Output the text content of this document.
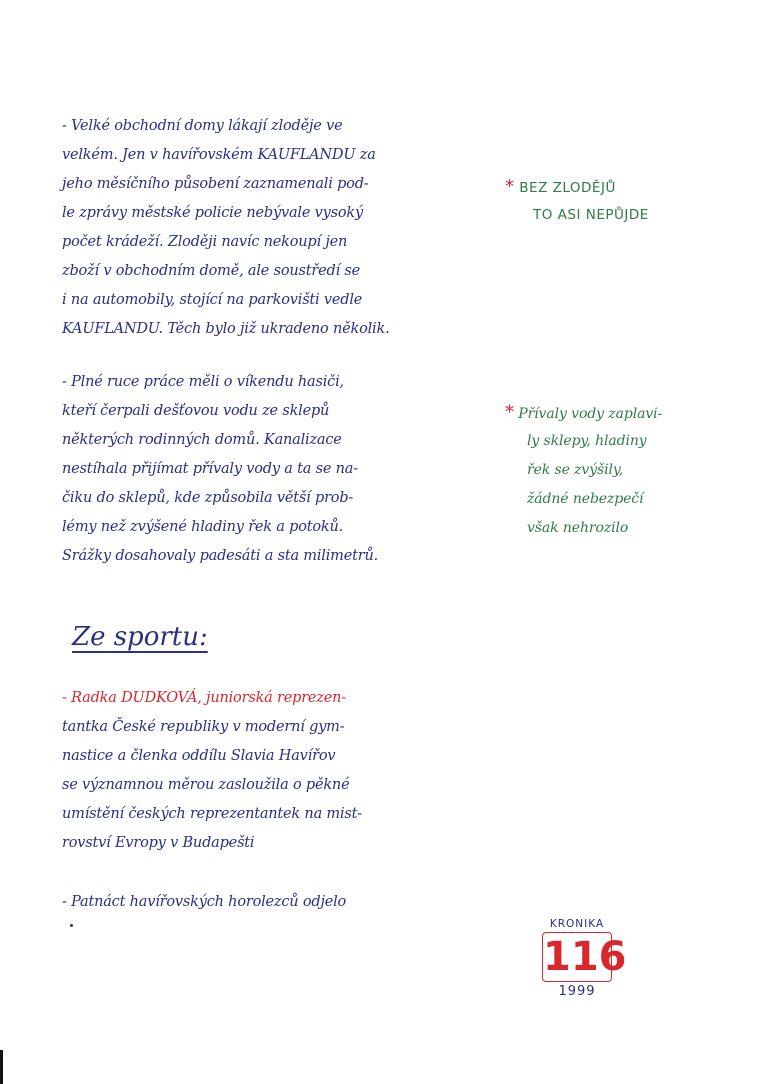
- Velké obchodní domy lákají zloděje ve
velkém. Jen v havířovském KAUFLANDU za
jeho měsíčního působení zaznamenali pod-
le zprávy městské policie nebývale vysoký
počet krádeží. Zloději navíc nekoupí jen
zboží v obchodním domě, ale soustředí se
i na automobily, stojící na parkovišti vedle
KAUFLANDU. Těch bylo již ukradeno několik.
* BEZ ZLODĚJŮ
TO ASI NEPŮJDE
- Plné ruce práce měli o víkendu hasiči,
kteří čerpali dešťovou vodu ze sklepů
některých rodinných domů. Kanalizace
nestíhala přijímat přívaly vody a ta se na-
čiku do sklepů, kde způsobila větší prob-
lémy než zvýšené hladiny řek a potoků.
Srážky dosahovaly padesáti a sta milimetrů.
* Přívaly vody zaplavi-
ly sklepy, hladiny
řek se zvýšily,
žádné nebezpečí
však nehrozilo
Ze sportu:
- Radka DUDKOVÁ, juniorská reprezen-
tantka České republiky v moderní gym-
nastice a členka oddílu Slavia Havířov
se významnou měrou zasloužila o pěkné
umístění českých reprezentantek na mist-
rovství Evropy v Budapešti
- Patnáct havířovských horolezců odjelo
KRONIKA
116
1999
